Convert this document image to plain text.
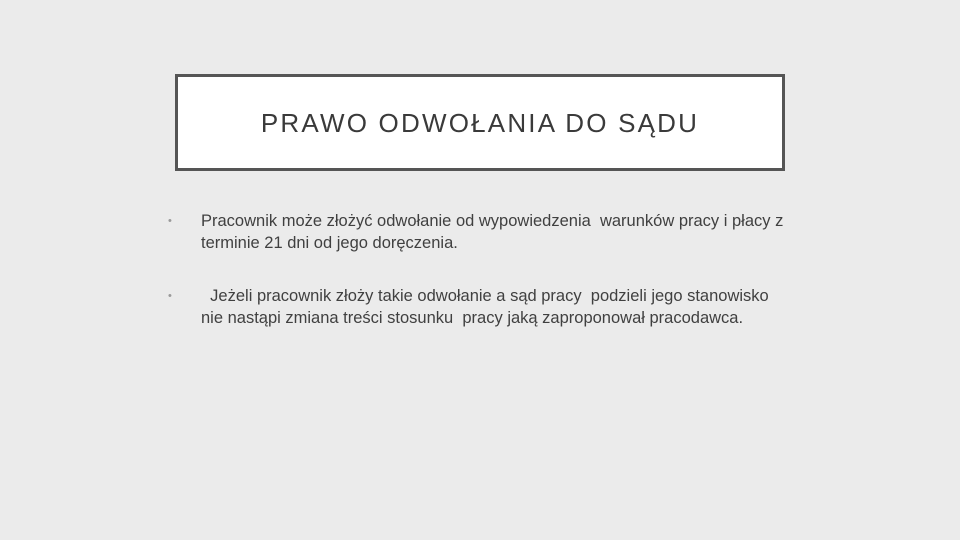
PRAWO ODWOŁANIA DO SĄDU
• Pracownik może złożyć odwołanie od wypowiedzenia  warunków pracy i płacy z terminie 21 dni od jego doręczenia.
• Jeżeli pracownik złoży takie odwołanie a sąd pracy  podzieli jego stanowisko nie nastąpi zmiana treści stosunku  pracy jaką zaproponował pracodawca.
